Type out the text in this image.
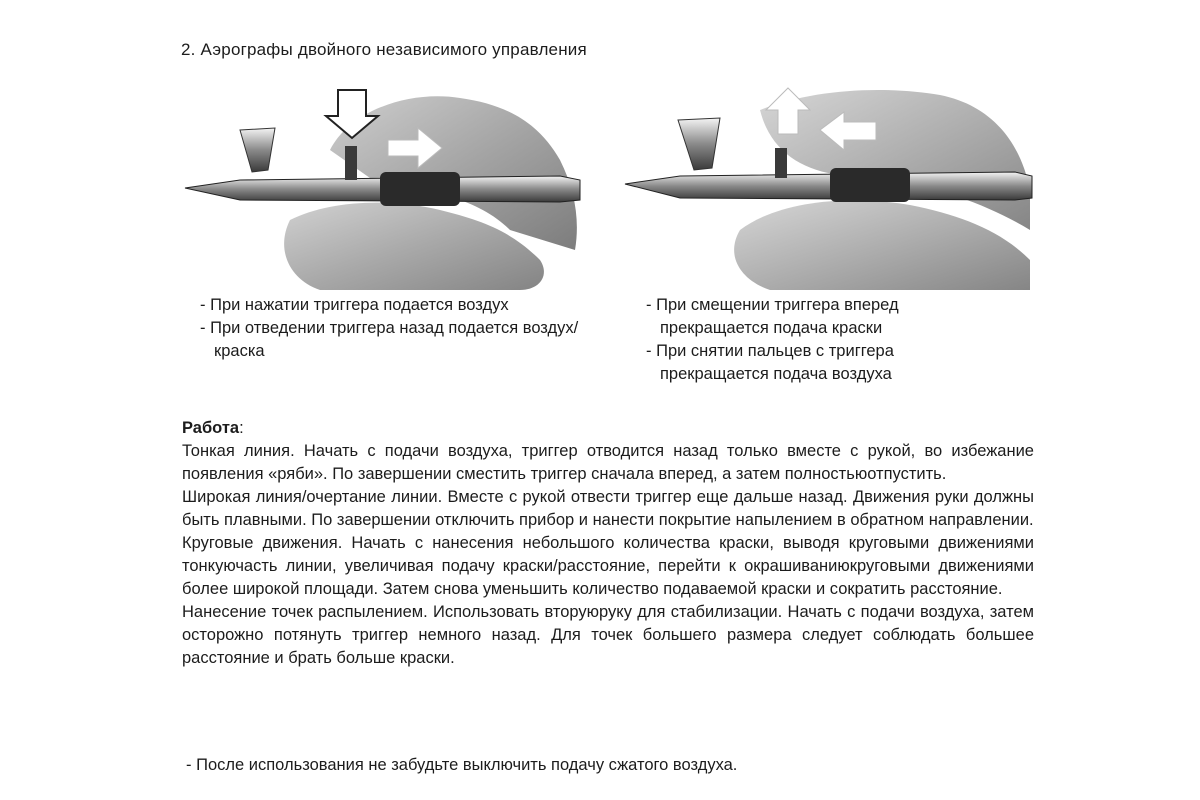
2. Аэрографы двойного независимого управления
- При нажатии триггера подается воздух
- При отведении триггера назад подается воздух/краска
- При смещении триггера вперед прекращается подача краски
- При снятии пальцев с триггера прекращается подача воздуха
Работа:
Тонкая линия. Начать с подачи воздуха, триггер отводится назад только вместе с рукой, во избежание появления «ряби». По завершении сместить триггер сначала вперед, а затем полностьюотпустить.
Широкая линия/очертание линии. Вместе с рукой отвести триггер еще дальше назад. Движения руки должны быть плавными. По завершении отключить прибор и нанести покрытие напылением в обратном направлении.
Круговые движения. Начать с нанесения небольшого количества краски, выводя круговыми движениями тонкуючасть линии, увеличивая подачу краски/расстояние, перейти к окрашиваниюкруговыми движениями более широкой площади. Затем снова уменьшить количество подаваемой краски и сократить расстояние.
Нанесение точек распылением. Использовать вторуюруку для стабилизации. Начать с подачи воздуха, затем осторожно потянуть триггер немного назад. Для точек большего размера следует соблюдать большее расстояние и брать больше краски.
- После использования не забудьте выключить подачу сжатого воздуха.
